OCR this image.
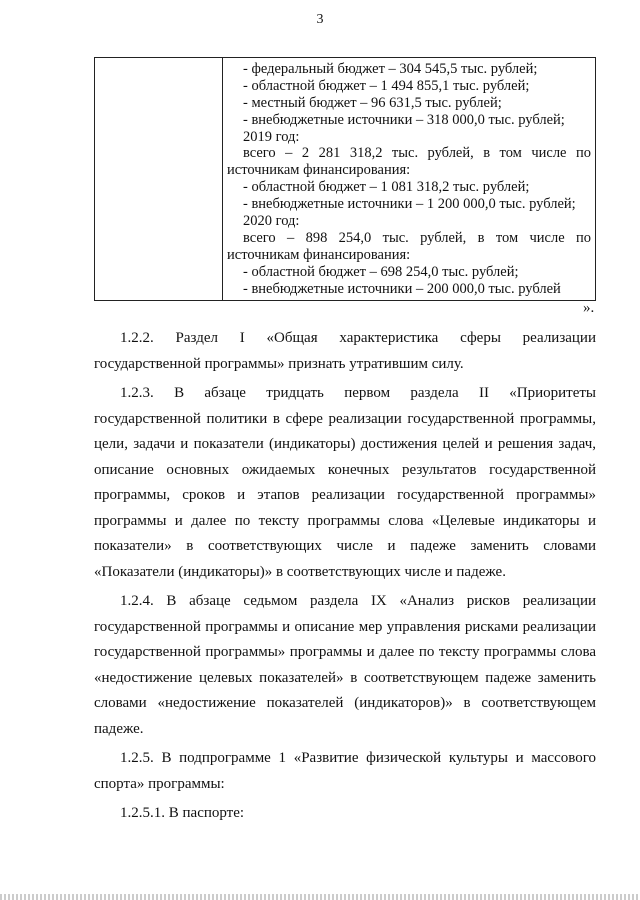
3
- федеральный бюджет – 304 545,5 тыс. рублей;
- областной бюджет – 1 494 855,1 тыс. рублей;
- местный бюджет – 96 631,5 тыс. рублей;
- внебюджетные источники – 318 000,0 тыс. рублей;
2019 год:
всего – 2 281 318,2 тыс. рублей, в том числе по
источникам финансирования:
- областной бюджет – 1 081 318,2 тыс. рублей;
- внебюджетные источники – 1 200 000,0 тыс. рублей;
2020 год:
всего – 898 254,0 тыс. рублей, в том числе по
источникам финансирования:
- областной бюджет – 698 254,0 тыс. рублей;
- внебюджетные источники – 200 000,0 тыс. рублей
».
1.2.2. Раздел I «Общая характеристика сферы реализации
государственной программы» признать утратившим силу.
1.2.3. В абзаце тридцать первом раздела II «Приоритеты
государственной политики в сфере реализации государственной программы,
цели, задачи и показатели (индикаторы) достижения целей и решения задач,
описание основных ожидаемых конечных результатов государственной
программы, сроков и этапов реализации государственной программы»
программы и далее по тексту программы слова «Целевые индикаторы и
показатели» в соответствующих числе и падеже заменить словами
«Показатели (индикаторы)» в соответствующих числе и падеже.
1.2.4. В абзаце седьмом раздела IX «Анализ рисков реализации
государственной программы и описание мер управления рисками реализации
государственной программы» программы и далее по тексту программы слова
«недостижение целевых показателей» в соответствующем падеже заменить
словами «недостижение показателей (индикаторов)» в соответствующем
падеже.
1.2.5. В подпрограмме 1 «Развитие физической культуры и массового
спорта» программы:
1.2.5.1. В паспорте:
